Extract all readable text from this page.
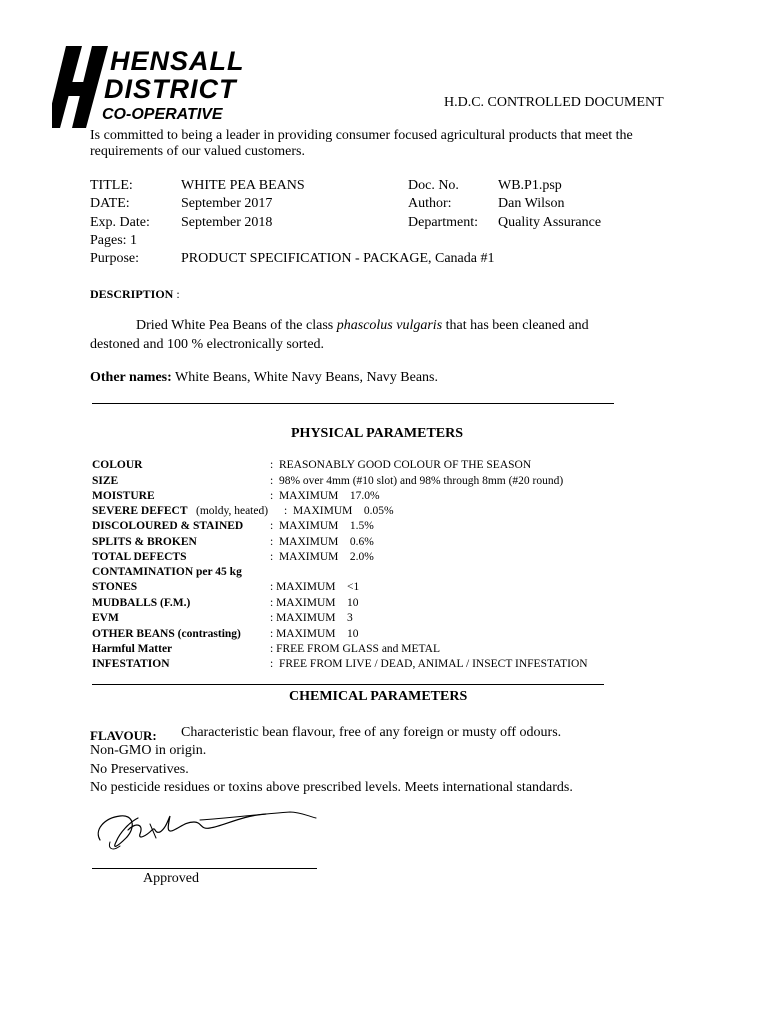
HENSALL
DISTRICT
CO-OPERATIVE
H.D.C. CONTROLLED DOCUMENT
Is committed to being a leader in providing consumer focused agricultural products that meet the
requirements of our valued customers.
TITLE:	WHITE PEA BEANS	Doc. No.	WB.P1.psp
DATE:	September 2017	Author:	Dan Wilson
Exp. Date: September 2018	Department: Quality Assurance
Pages: 1
Purpose:	PRODUCT SPECIFICATION - PACKAGE, Canada #1
DESCRIPTION :
Dried White Pea Beans of the class phascolus vulgaris that has been cleaned and
destoned and 100 % electronically sorted.
Other names: White Beans, White Navy Beans, Navy Beans.
PHYSICAL PARAMETERS
COLOUR	:  REASONABLY GOOD COLOUR OF THE SEASON
SIZE	:  98% over 4mm (#10 slot) and 98% through 8mm (#20 round)
MOISTURE	:  MAXIMUM    17.0%
SEVERE DEFECT (moldy, heated) :  MAXIMUM    0.05%
DISCOLOURED & STAINED :  MAXIMUM    1.5%
SPLITS & BROKEN	:  MAXIMUM    0.6%
TOTAL DEFECTS	:  MAXIMUM    2.0%
CONTAMINATION per 45 kg
STONES	: MAXIMUM    <1
MUDBALLS (F.M.)	: MAXIMUM    10
EVM	: MAXIMUM    3
OTHER BEANS (contrasting)	: MAXIMUM    10
Harmful Matter	: FREE FROM GLASS and METAL
INFESTATION	:  FREE FROM LIVE / DEAD, ANIMAL / INSECT INFESTATION
CHEMICAL PARAMETERS
FLAVOUR: Characteristic bean flavour, free of any foreign or musty off odours.
Non-GMO in origin.
No Preservatives.
No pesticide residues or toxins above prescribed levels. Meets international standards.
Approved
